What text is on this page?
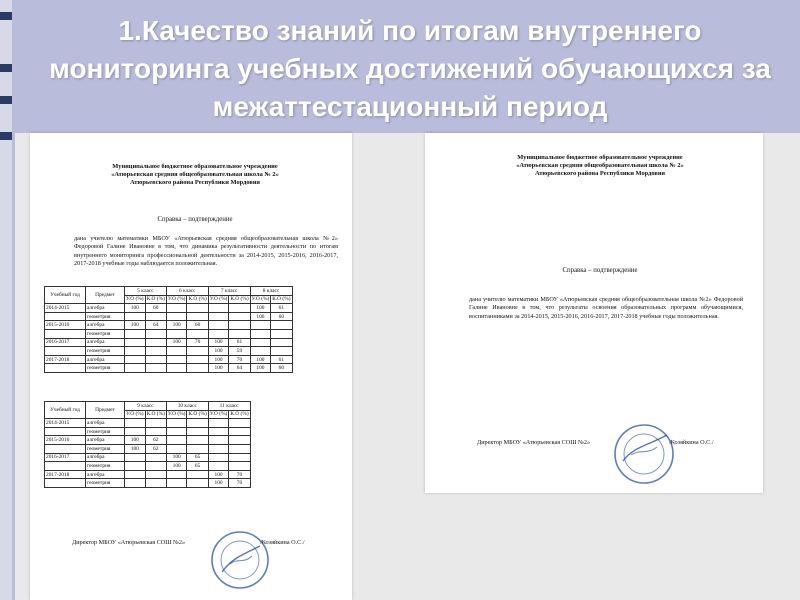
1.Качество знаний по итогам внутреннего мониторинга учебных достижений обучающихся за межаттестационный период
Муниципальное бюджетное образовательное учреждение
«Атюрьевская средняя общеобразовательная школа № 2»
Атюрьевского района Республики Мордовия
Справка – подтверждение
дана учителю математики МБОУ «Атюрьевская средняя общеобразовательная школа №2» Федоровой Галине Ивановне в том, что динамика результативности деятельности по итогам внутреннего мониторинга профессиональной деятельности за 2014-2015, 2015-2016, 2016-2017, 2017-2018 учебные годы наблюдается положительная.
Учебный год	Предмет	5 класс		6 класс		7 класс		8 класс	
		У.О (%)	К.О (%)	У.О (%)	К.О (%)	У.О (%)	К.О (%)	У.О (%)	К.О (%)
2014-2015	алгебра	100	60					100	61
	геометрия							100	60
2015-2016	алгебра	100	64	100	60				
	геометрия								
2016-2017	алгебра			100	70	100	61		
	геометрия					100	59		
2017-2018	алгебра					100	70	100	61
	геометрия					100	64	100	60
Учебный год	Предмет	9 класс		10 класс		11 класс	
		У.О (%)	К.О (%)	У.О (%)	К.О (%)	У.О (%)	К.О (%)
2014-2015	алгебра						
	геометрия						
2015-2016	алгебра	100	62				
	геометрия	100	62				
2016-2017	алгебра			100	65		
	геометрия			100	65		
2017-2018	алгебра					100	70
	геометрия					100	70
Директор МБОУ «Атюрьевская СОШ №2»	/Козяйкина О.С./
Муниципальное бюджетное образовательное учреждение
«Атюрьевская средняя общеобразовательная школа № 2»
Атюрьевского района Республики Мордовия
Справка – подтверждение
дана учителю математики МБОУ «Атюрьевская средняя общеобразовательная школа №2» Федоровой Галине Ивановне в том, что результаты освоения образовательных программ обучающимися, воспитанниками за 2014-2015, 2015-2016, 2016-2017, 2017-2018 учебные годы положительная.
Директор МБОУ «Атюрьевская СОШ №2»	/Козяйкина О.С./
